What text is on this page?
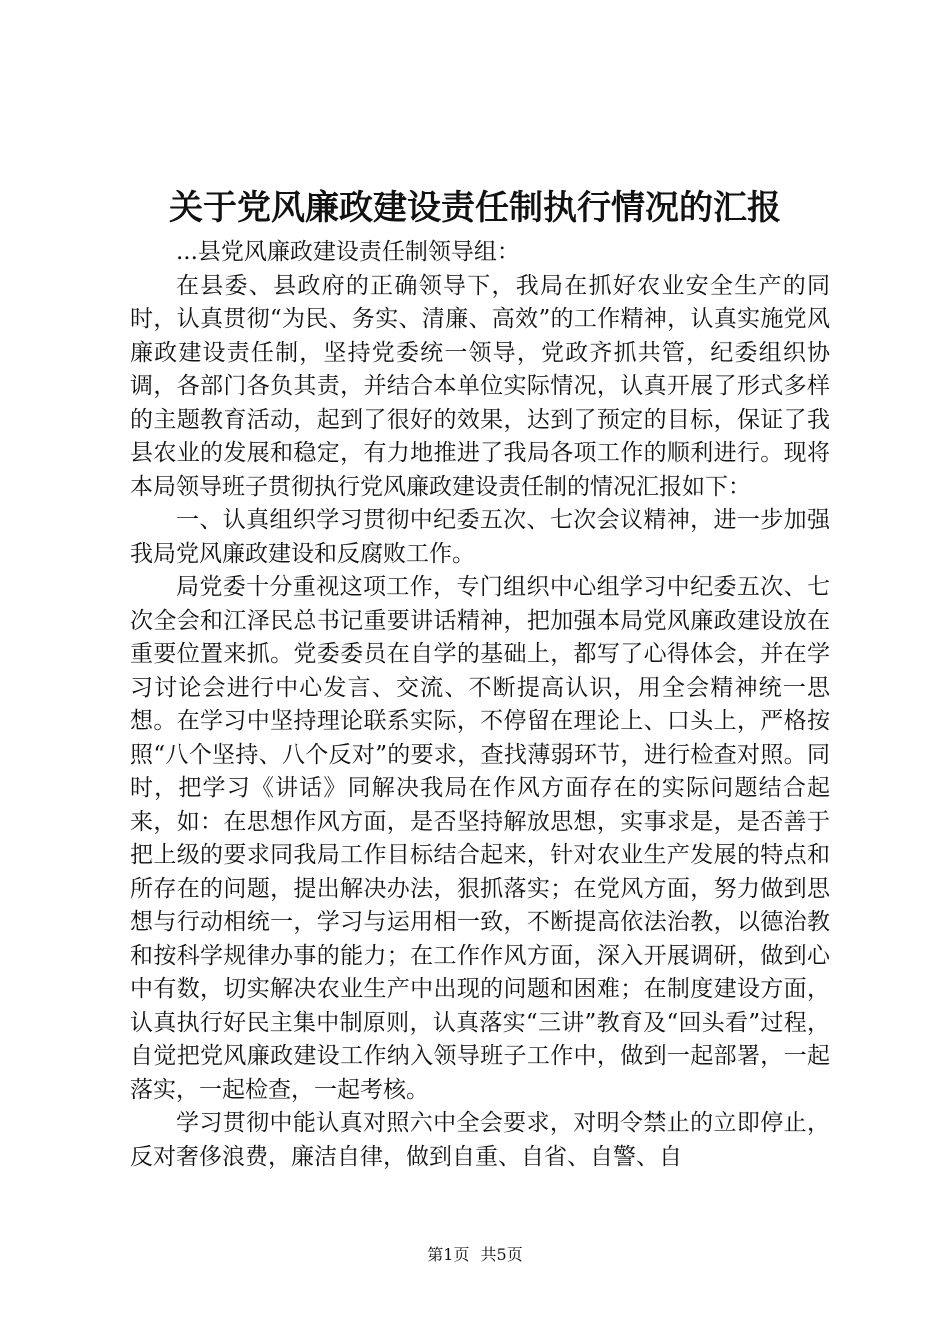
关于党风廉政建设责任制执行情况的汇报

...县党风廉政建设责任制领导组：

在县委、县政府的正确领导下，我局在抓好农业安全生产的同时，认真贯彻“为民、务实、清廉、高效”的工作精神，认真实施党风廉政建设责任制，坚持党委统一领导，党政齐抓共管，纪委组织协调，各部门各负其责，并结合本单位实际情况，认真开展了形式多样的主题教育活动，起到了很好的效果，达到了预定的目标，保证了我县农业的发展和稳定，有力地推进了我局各项工作的顺利进行。现将本局领导班子贯彻执行党风廉政建设责任制的情况汇报如下：

一、认真组织学习贯彻中纪委五次、七次会议精神，进一步加强我局党风廉政建设和反腐败工作。

局党委十分重视这项工作，专门组织中心组学习中纪委五次、七次全会和江泽民总书记重要讲话精神，把加强本局党风廉政建设放在重要位置来抓。党委委员在自学的基础上，都写了心得体会，并在学习讨论会进行中心发言、交流、不断提高认识，用全会精神统一思想。在学习中坚持理论联系实际，不停留在理论上、口头上，严格按照“八个坚持、八个反对”的要求，查找薄弱环节，进行检查对照。同时，把学习《讲话》同解决我局在作风方面存在的实际问题结合起来，如：在思想作风方面，是否坚持解放思想，实事求是，是否善于把上级的要求同我局工作目标结合起来，针对农业生产发展的特点和所存在的问题，提出解决办法，狠抓落实；在党风方面，努力做到思想与行动相统一，学习与运用相一致，不断提高依法治教，以德治教和按科学规律办事的能力；在工作作风方面，深入开展调研，做到心中有数，切实解决农业生产中出现的问题和困难；在制度建设方面，认真执行好民主集中制原则，认真落实“三讲”教育及“回头看”过程，自觉把党风廉政建设工作纳入领导班子工作中，做到一起部署，一起落实，一起检查，一起考核。

学习贯彻中能认真对照六中全会要求，对明令禁止的立即停止，反对奢侈浪费，廉洁自律，做到自重、自省、自警、自

第1页 共5页
